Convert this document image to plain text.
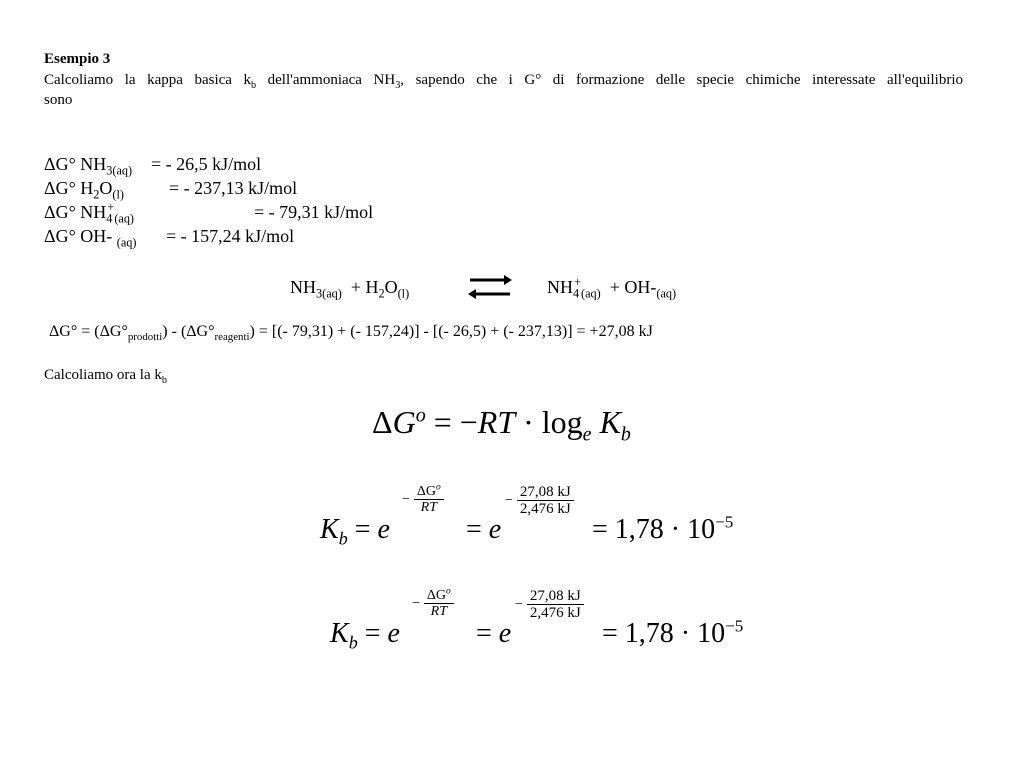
Esempio 3
Calcoliamo la kappa basica $k_b$ dell'ammoniaca $NH_3$, sapendo che i G° di formazione delle specie chimiche interessate all'equilibrio
sono
ΔG° $NH_{3(aq)}$ = - 26,5 kJ/mol
ΔG° $H_2O_{(l)}$	= - 237,13 kJ/mol
ΔG° $NH_4^+_{(aq)}$	= - 79,31 kJ/mol
ΔG° OH- $_{(aq)}$ = - 157,24 kJ/mol
$NH_{3(aq)} + H_2O_{(l)}$	$NH_4^+_{(aq)} + OH-_{(aq)}$
$\Delta G^\circ = (\Delta G^\circ_{prodotti}) - (\Delta G^\circ_{reagenti})$ = [(- 79,31) + (- 157,24)] - [(- 26,5) + (- 237,13)] = +27,08 kJ
Calcoliamo ora la $k_b$
$\Delta G^o = -RT \cdot \log_e K_b$
$K_b = e$
− $\frac{\Delta G^o}{RT}$
= e
− $\frac{27,08 kJ}{2,476 kJ}$
= $1,78 \cdot 10^{-5}$
$K_b = e$
− $\frac{\Delta G^o}{RT}$
= e
− $\frac{27,08 kJ}{2,476 kJ}$
= $1,78 \cdot 10^{-5}$
